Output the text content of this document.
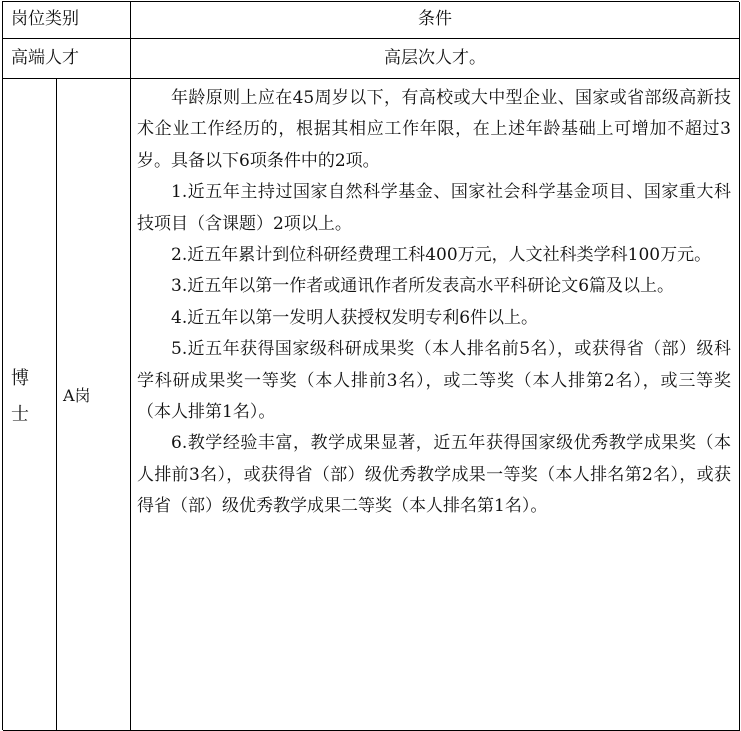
岗位类别	条件
高端人才	高层次人才。
博
士
A岗

年龄原则上应在45周岁以下，有高校或大中型企业、国家或省部级高新技术企业工作经历的，根据其相应工作年限，在上述年龄基础上可增加不超过3岁。具备以下6项条件中的2项。

1.近五年主持过国家自然科学基金、国家社会科学基金项目、国家重大科技项目（含课题）2项以上。

2.近五年累计到位科研经费理工科400万元，人文社科类学科100万元。

3.近五年以第一作者或通讯作者所发表高水平科研论文6篇及以上。

4.近五年以第一发明人获授权发明专利6件以上。

5.近五年获得国家级科研成果奖（本人排名前5名），或获得省（部）级科学科研成果奖一等奖（本人排前3名），或二等奖（本人排第2名），或三等奖（本人排第1名）。

6.教学经验丰富，教学成果显著，近五年获得国家级优秀教学成果奖（本人排前3名），或获得省（部）级优秀教学成果一等奖（本人排名第2名），或获得省（部）级优秀教学成果二等奖（本人排名第1名）。
